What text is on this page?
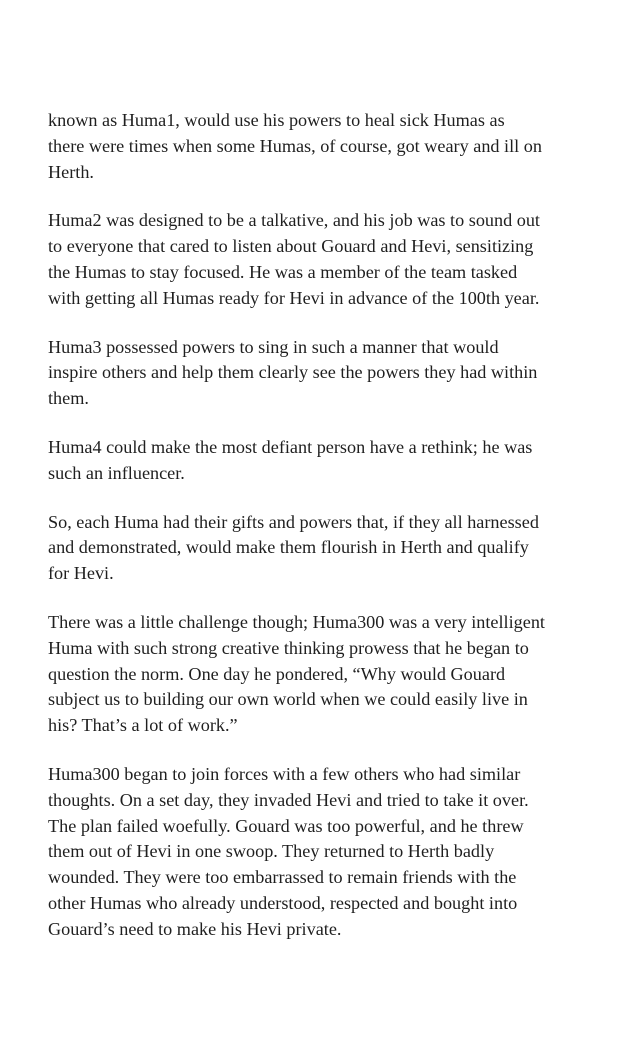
known as Huma1, would use his powers to heal sick Humas as
there were times when some Humas, of course, got weary and ill on
Herth.

Huma2 was designed to be a talkative, and his job was to sound out
to everyone that cared to listen about Gouard and Hevi, sensitizing
the Humas to stay focused. He was a member of the team tasked
with getting all Humas ready for Hevi in advance of the 100th year.

Huma3 possessed powers to sing in such a manner that would
inspire others and help them clearly see the powers they had within
them.

Huma4 could make the most defiant person have a rethink; he was
such an influencer.

So, each Huma had their gifts and powers that, if they all harnessed
and demonstrated, would make them flourish in Herth and qualify
for Hevi.

There was a little challenge though; Huma300 was a very intelligent
Huma with such strong creative thinking prowess that he began to
question the norm. One day he pondered, “Why would Gouard
subject us to building our own world when we could easily live in
his? That’s a lot of work.”

Huma300 began to join forces with a few others who had similar
thoughts. On a set day, they invaded Hevi and tried to take it over.
The plan failed woefully. Gouard was too powerful, and he threw
them out of Hevi in one swoop. They returned to Herth badly
wounded. They were too embarrassed to remain friends with the
other Humas who already understood, respected and bought into
Gouard’s need to make his Hevi private.
